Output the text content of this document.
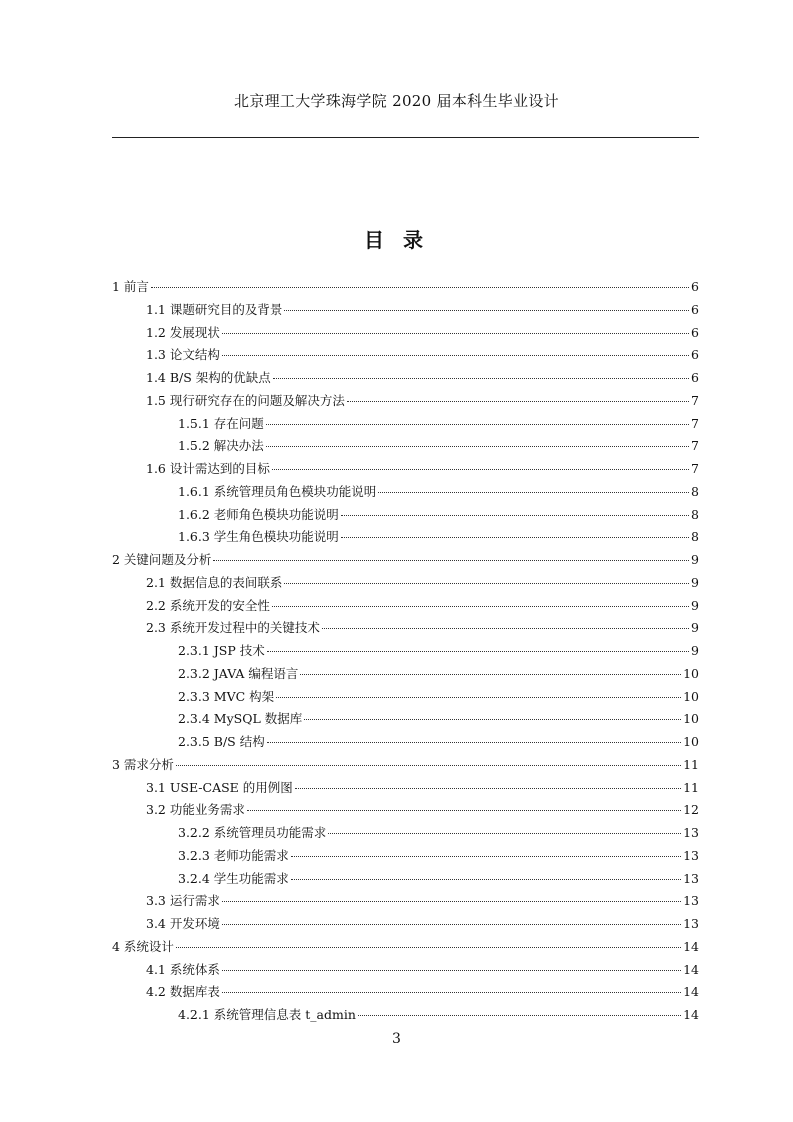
北京理工大学珠海学院 2020 届本科生毕业设计
目 录
1 前言	6
1.1 课题研究目的及背景	6
1.2 发展现状	6
1.3 论文结构	6
1.4 B/S 架构的优缺点	6
1.5 现行研究存在的问题及解决方法	7
1.5.1 存在问题	7
1.5.2 解决办法	7
1.6 设计需达到的目标	7
1.6.1 系统管理员角色模块功能说明	8
1.6.2 老师角色模块功能说明	8
1.6.3 学生角色模块功能说明	8
2 关键问题及分析	9
2.1 数据信息的表间联系	9
2.2 系统开发的安全性	9
2.3 系统开发过程中的关键技术	9
2.3.1 JSP 技术	9
2.3.2 JAVA 编程语言	10
2.3.3 MVC 构架	10
2.3.4 MySQL 数据库	10
2.3.5 B/S 结构	10
3 需求分析	11
3.1 USE-CASE 的用例图	11
3.2 功能业务需求	12
3.2.2 系统管理员功能需求	13
3.2.3 老师功能需求	13
3.2.4 学生功能需求	13
3.3 运行需求	13
3.4 开发环境	13
4 系统设计	14
4.1 系统体系	14
4.2 数据库表	14
4.2.1 系统管理信息表 t_admin	14
3
